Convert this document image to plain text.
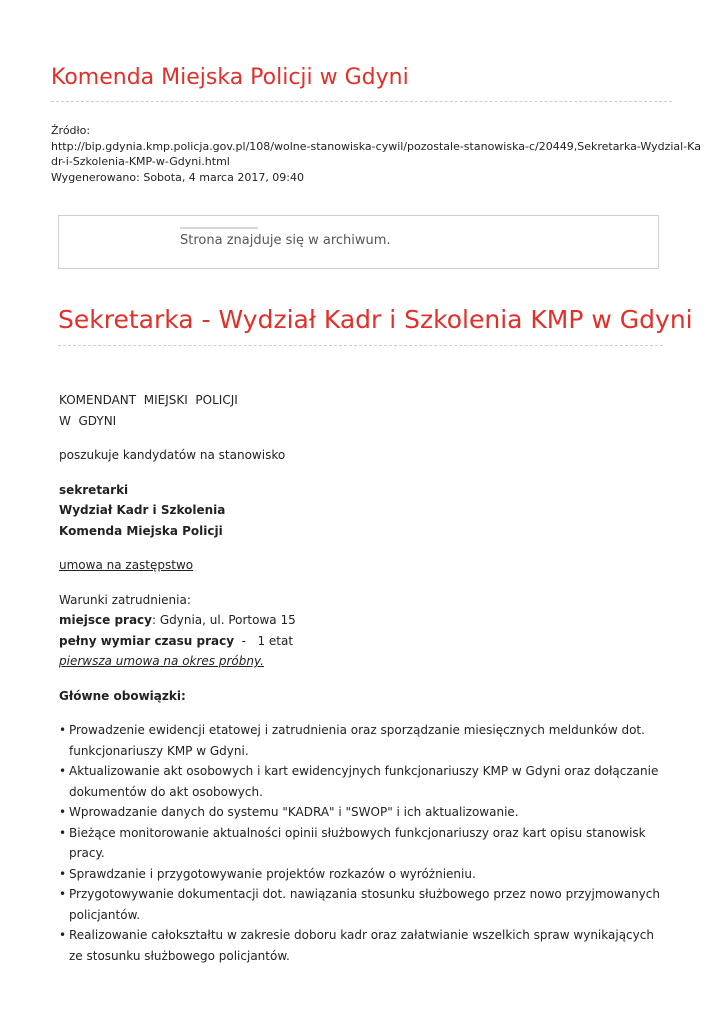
Komenda Miejska Policji w Gdyni
Źródło:
http://bip.gdynia.kmp.policja.gov.pl/108/wolne-stanowiska-cywil/pozostale-stanowiska-c/20449,Sekretarka-Wydzial-Ka
dr-i-Szkolenia-KMP-w-Gdyni.html
Wygenerowano: Sobota, 4 marca 2017, 09:40
Strona znajduje się w archiwum.
Sekretarka - Wydział Kadr i Szkolenia KMP w Gdyni

KOMENDANT  MIEJSKI  POLICJI

W  GDYNI

poszukuje kandydatów na stanowisko

sekretarki

Wydział Kadr i Szkolenia

Komenda Miejska Policji

umowa na zastępstwo

Warunki zatrudnienia:

miejsce pracy: Gdynia, ul. Portowa 15

pełny wymiar czasu pracy  -   1 etat

pierwsza umowa na okres próbny.

Główne obowiązki:

• Prowadzenie ewidencji etatowej i zatrudnienia oraz sporządzanie miesięcznych meldunków dot. funkcjonariuszy KMP w Gdyni.
• Aktualizowanie akt osobowych i kart ewidencyjnych funkcjonariuszy KMP w Gdyni oraz dołączanie dokumentów do akt osobowych.
• Wprowadzanie danych do systemu "KADRA" i "SWOP" i ich aktualizowanie.
• Bieżące monitorowanie aktualności opinii służbowych funkcjonariuszy oraz kart opisu stanowisk pracy.
• Sprawdzanie i przygotowywanie projektów rozkazów o wyróżnieniu.
• Przygotowywanie dokumentacji dot. nawiązania stosunku służbowego przez nowo przyjmowanych policjantów.
• Realizowanie całokształtu w zakresie doboru kadr oraz załatwianie wszelkich spraw wynikających ze stosunku służbowego policjantów.
